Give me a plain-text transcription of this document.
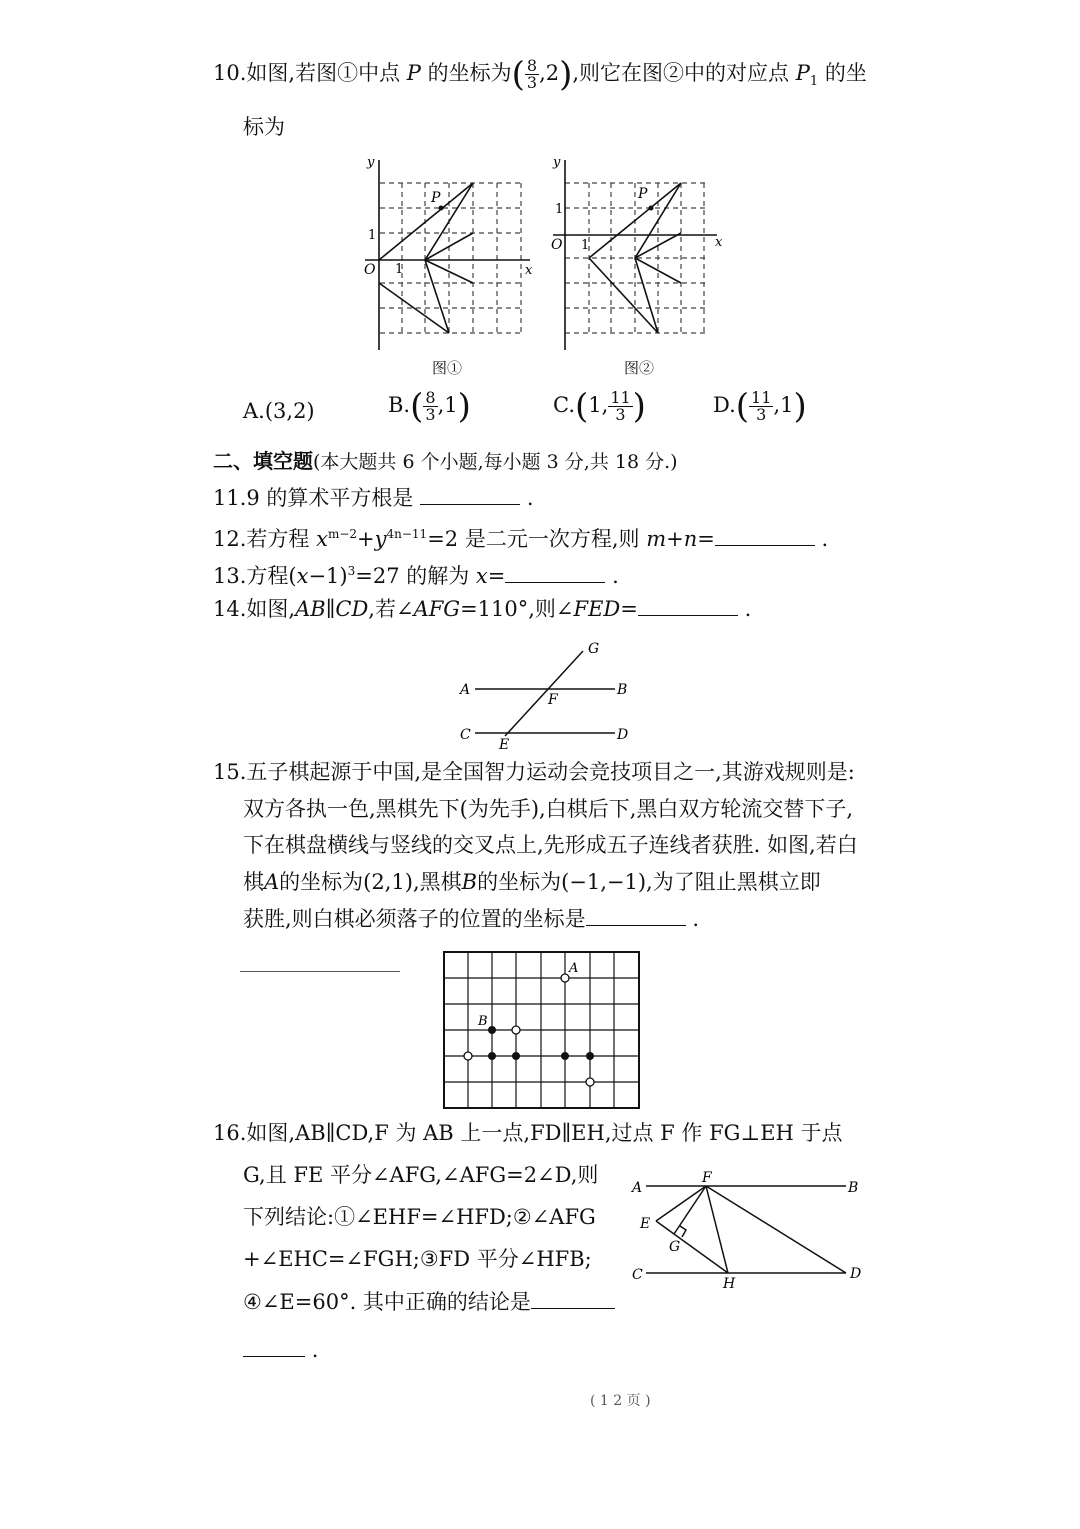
10.如图,若图①中点 P 的坐标为( $\frac{8}{3} ,2$),则它在图②中的对应点 $P_1$ 的坐
标为
P
y
x
O
1
1
图①
P
y
x
O
1
1
图②
A.(3,2)	$B.( \frac{8}{3} ,1)$	C.(1, $\frac{11}{3}$ )	$D.( \frac{11}{3} ,1)$
二、填空题(本大题共 6 个小题,每小题 3 分,共 18 分.)
11.9 的算术平方根是	.
12.若方程 $x^{m-2}+y^{4n-11}=2$ 是二元一次方程,则 m+n=	.
13.方程$(x-1)^3=27$ 的解为 x=	.
14.如图,AB∥CD,若∠AFG=110°,则∠FED=	.
A	B
C	D
E
F
G
15.五子棋起源于中国,是全国智力运动会竞技项目之一,其游戏规则是:
双方各执一色,黑棋先下(为先手),白棋后下,黑白双方轮流交替下子,
下在棋盘横线与竖线的交叉点上,先形成五子连线者获胜. 如图,若白
棋A的坐标为(2,1),黑棋B的坐标为(−1,−1),为了阻止黑棋立即
获胜,则白棋必须落子的位置的坐标是	.
A
B
16.如图,AB∥CD,F 为 AB 上一点,FD∥EH,过点 F 作 FG⊥EH 于点
G,且 FE 平分∠AFG,∠AFG=2∠D,则
下列结论:①∠EHF=∠HFD;②∠AFG
+∠EHC=∠FGH;③FD 平分∠HFB;
④∠E=60°. 其中正确的结论是
.
A	B
C	D
E
F
G
H
( 1 2 页 )
